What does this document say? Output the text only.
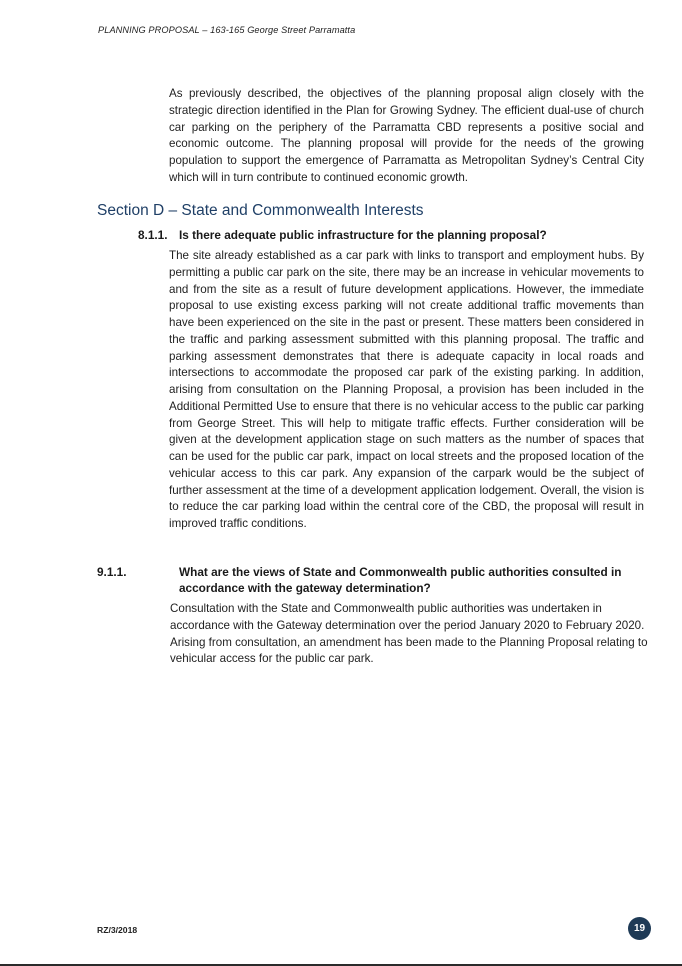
PLANNING PROPOSAL – 163-165 George Street Parramatta
As previously described, the objectives of the planning proposal align closely with the strategic direction identified in the Plan for Growing Sydney. The efficient dual-use of church car parking on the periphery of the Parramatta CBD represents a positive social and economic outcome. The planning proposal will provide for the needs of the growing population to support the emergence of Parramatta as Metropolitan Sydney’s Central City which will in turn contribute to continued economic growth.
Section D – State and Commonwealth Interests
8.1.1. Is there adequate public infrastructure for the planning proposal?
The site already established as a car park with links to transport and employment hubs. By permitting a public car park on the site, there may be an increase in vehicular movements to and from the site as a result of future development applications. However, the immediate proposal to use existing excess parking will not create additional traffic movements than have been experienced on the site in the past or present. These matters been considered in the traffic and parking assessment submitted with this planning proposal. The traffic and parking assessment demonstrates that there is adequate capacity in local roads and intersections to accommodate the proposed car park of the existing parking. In addition, arising from consultation on the Planning Proposal, a provision has been included in the Additional Permitted Use to ensure that there is no vehicular access to the public car parking from George Street. This will help to mitigate traffic effects. Further consideration will be given at the development application stage on such matters as the number of spaces that can be used for the public car park, impact on local streets and the proposed location of the vehicular access to this car park. Any expansion of the carpark would be the subject of further assessment at the time of a development application lodgement. Overall, the vision is to reduce the car parking load within the central core of the CBD, the proposal will result in improved traffic conditions.
9.1.1.	What are the views of State and Commonwealth public authorities consulted in accordance with the gateway determination?
Consultation with the State and Commonwealth public authorities was undertaken in accordance with the Gateway determination over the period January 2020 to February 2020. Arising from consultation, an amendment has been made to the Planning Proposal relating to vehicular access for the public car park.
RZ/3/2018	19
